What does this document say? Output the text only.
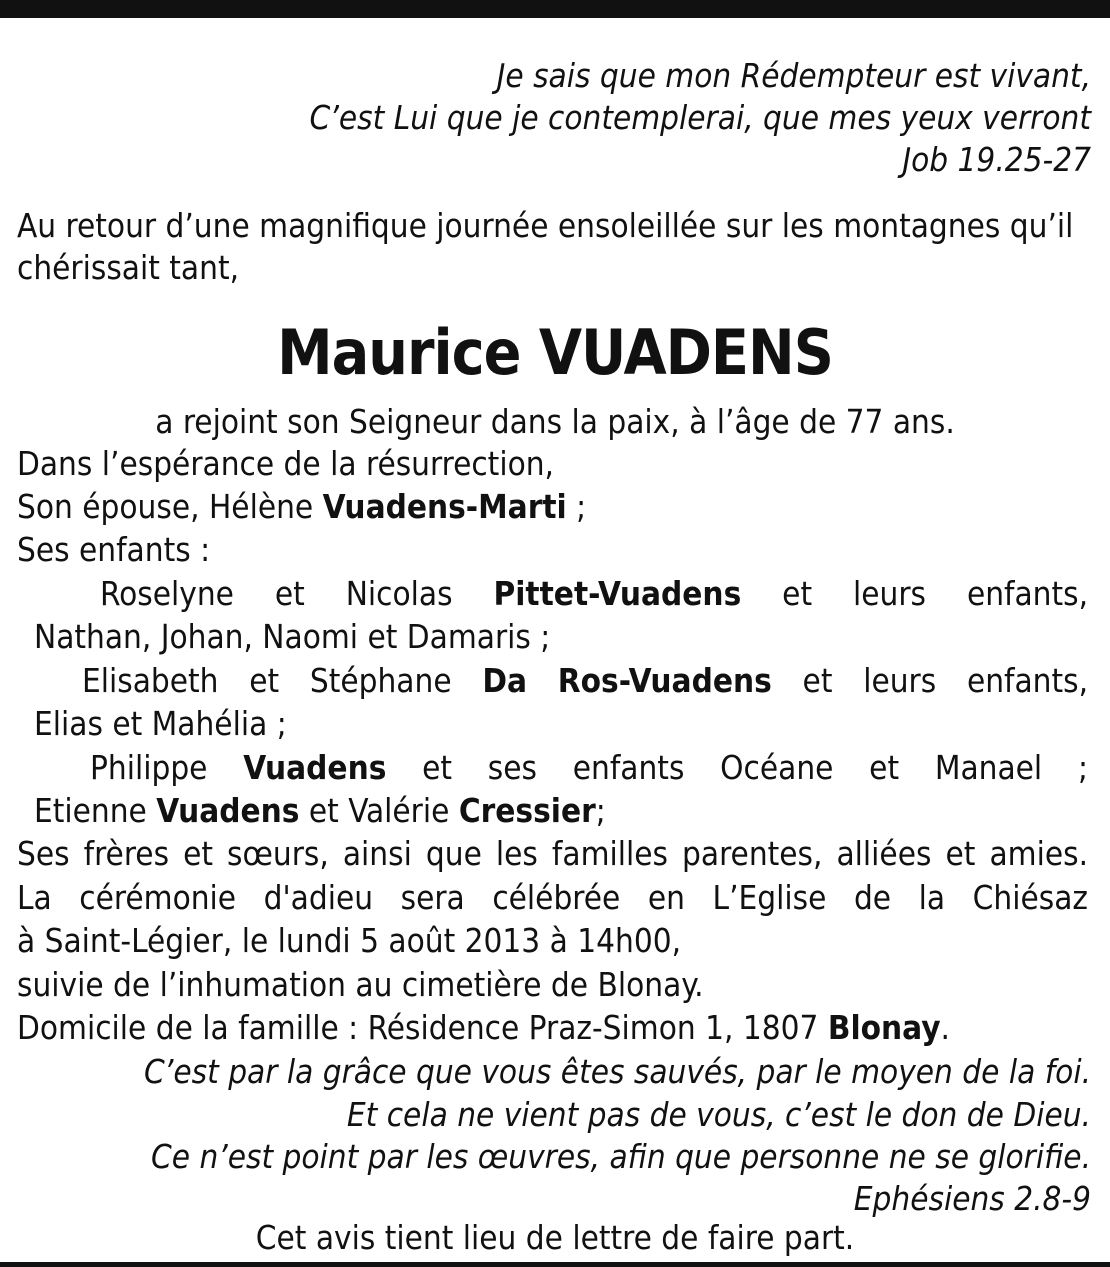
Je sais que mon Rédempteur est vivant,
C’est Lui que je contemplerai, que mes yeux verront
Job 19.25-27
Au retour d’une magnifique journée ensoleillée sur les montagnes qu’il
chérissait tant,
Maurice VUADENS
a rejoint son Seigneur dans la paix, à l’âge de 77 ans.
Dans l’espérance de la résurrection,
Son épouse, Hélène Vuadens-Marti ;
Ses enfants :
Roselyne et Nicolas Pittet-Vuadens et leurs enfants,
Nathan, Johan, Naomi et Damaris ;
Elisabeth et Stéphane Da Ros-Vuadens et leurs enfants,
Elias et Mahélia ;
Philippe Vuadens et ses enfants Océane et Manael ;
Etienne Vuadens et Valérie Cressier;
Ses frères et sœurs, ainsi que les familles parentes, alliées et amies.
La cérémonie d'adieu sera célébrée en L’Eglise de la Chiésaz
à Saint-Légier, le lundi 5 août 2013 à 14h00,
suivie de l’inhumation au cimetière de Blonay.
Domicile de la famille : Résidence Praz-Simon 1, 1807 Blonay.
C’est par la grâce que vous êtes sauvés, par le moyen de la foi.
Et cela ne vient pas de vous, c’est le don de Dieu.
Ce n’est point par les œuvres, afin que personne ne se glorifie.
Ephésiens 2.8-9
Cet avis tient lieu de lettre de faire part.
